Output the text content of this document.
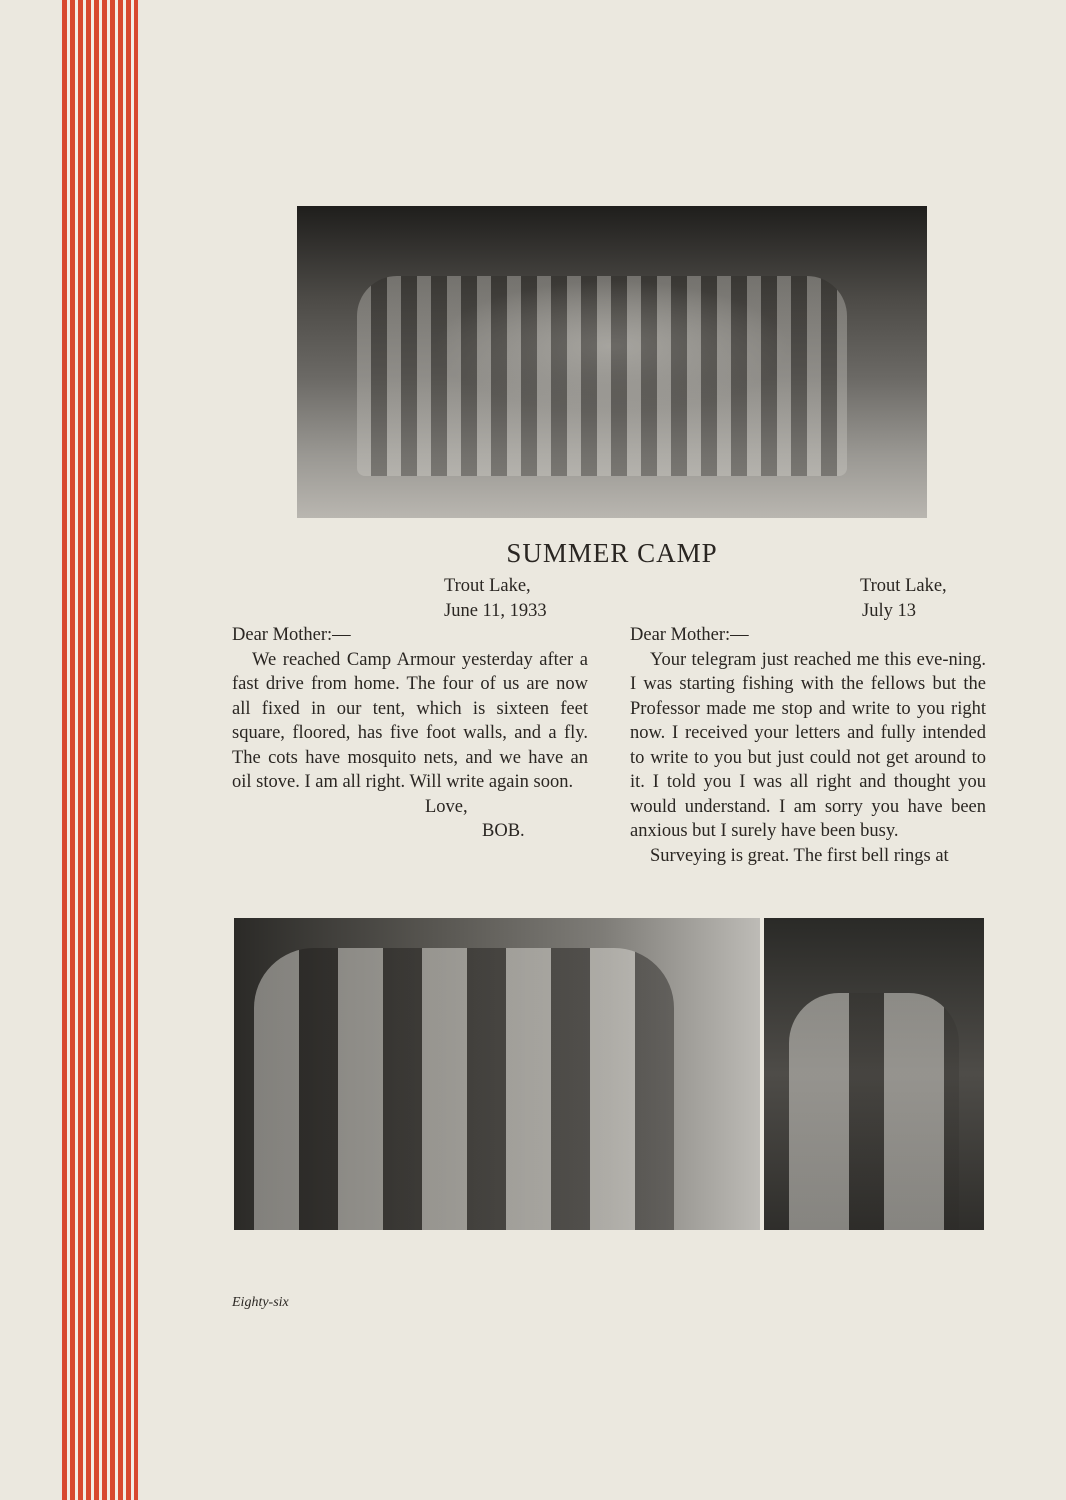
SUMMER CAMP

Trout Lake,

June 11, 1933

Dear Mother:—

We reached Camp Armour yesterday after a fast drive from home. The four of us are now all fixed in our tent, which is sixteen feet square, floored, has five foot walls, and a fly. The cots have mosquito nets, and we have an oil stove. I am all right. Will write again soon.

Love,

BOB.

Trout Lake,

July 13

Dear Mother:—

Your telegram just reached me this eve-ning. I was starting fishing with the fellows but the Professor made me stop and write to you right now. I received your letters and fully intended to write to you but just could not get around to it. I told you I was all right and thought you would understand. I am sorry you have been anxious but I surely have been busy.

Surveying is great. The first bell rings at

Eighty-six
